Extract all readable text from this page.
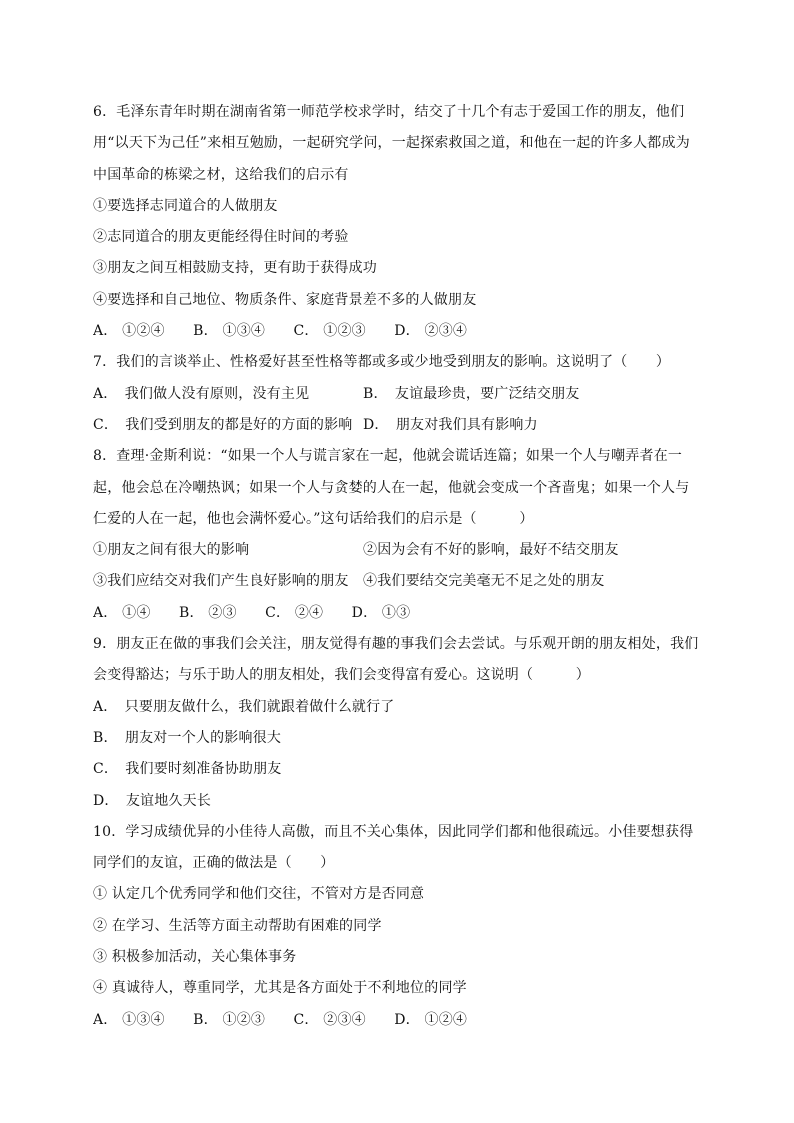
6．毛泽东青年时期在湖南省第一师范学校求学时，结交了十几个有志于爱国工作的朋友，他们用“以天下为己任”来相互勉励，一起研究学问，一起探索救国之道，和他在一起的许多人都成为中国革命的栋梁之材，这给我们的启示有
①要选择志同道合的人做朋友
②志同道合的朋友更能经得住时间的考验
③朋友之间互相鼓励支持，更有助于获得成功
④要选择和自己地位、物质条件、家庭背景差不多的人做朋友
A． ①②④　　B． ①③④　　C． ①②③　　D． ②③④
7．我们的言谈举止、性格爱好甚至性格等都或多或少地受到朋友的影响。这说明了（　　）
A．　我们做人没有原则，没有主见	B．　友谊最珍贵，要广泛结交朋友
C．　我们受到朋友的都是好的方面的影响 D．　朋友对我们具有影响力
8．查理·金斯利说：“如果一个人与谎言家在一起，他就会谎话连篇；如果一个人与嘲弄者在一起，他会总在冷嘲热讽；如果一个人与贪婪的人在一起，他就会变成一个吝啬鬼；如果一个人与仁爱的人在一起，他也会满怀爱心。”这句话给我们的启示是（　　　）
①朋友之间有很大的影响	②因为会有不好的影响，最好不结交朋友
③我们应结交对我们产生良好影响的朋友	④我们要结交完美毫无不足之处的朋友
A． ①④　　B． ②③　　C． ②④　　D． ①③
9．朋友正在做的事我们会关注，朋友觉得有趣的事我们会去尝试。与乐观开朗的朋友相处，我们会变得豁达；与乐于助人的朋友相处，我们会变得富有爱心。这说明（　　　）
A．　只要朋友做什么，我们就跟着做什么就行了
B．　朋友对一个人的影响很大
C．　我们要时刻准备协助朋友
D．　友谊地久天长
10．学习成绩优异的小佳待人高傲，而且不关心集体，因此同学们都和他很疏远。小佳要想获得同学们的友谊，正确的做法是（　　）
① 认定几个优秀同学和他们交往，不管对方是否同意
② 在学习、生活等方面主动帮助有困难的同学
③ 积极参加活动，关心集体事务
④ 真诚待人，尊重同学，尤其是各方面处于不利地位的同学
A． ①③④　　B． ①②③　　C． ②③④　　D． ①②④
